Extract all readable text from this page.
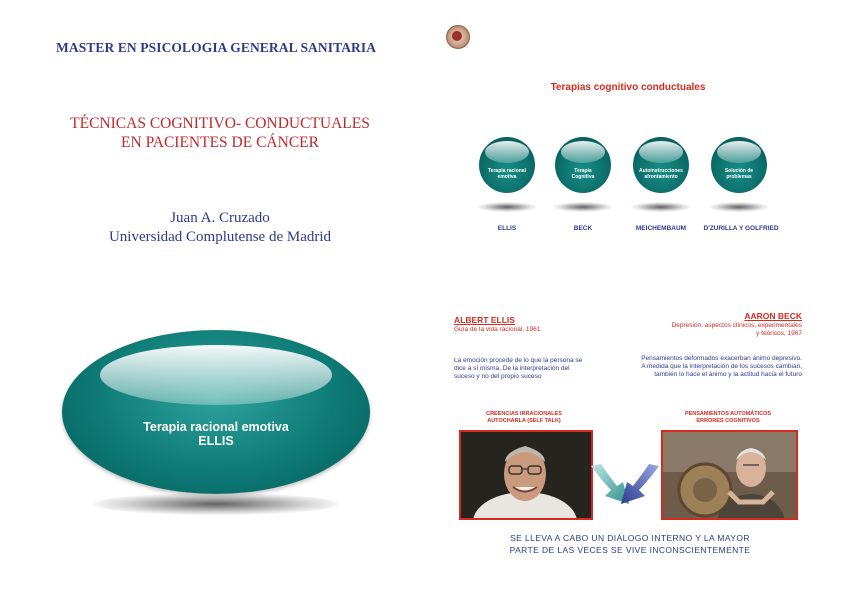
MASTER EN PSICOLOGIA GENERAL SANITARIA
TÉCNICAS COGNITIVO- CONDUCTUALES
EN PACIENTES DE CÁNCER
Juan A. Cruzado
Universidad Complutense de Madrid
Terapia racional emotiva
ELLIS
Terapias cognitivo conductuales
Terapia racional
emotiva
ELLIS
Terapia
Cognitiva
BECK
Autoinstrucciones
afrontamiento
MEICHEMBAUM
Solución de
problemas
D'ZURILLA Y GOLFRIED
ALBERT ELLIS
Guía de la vida racional, 1961
AARON BECK
Depresión: aspectos clínicos, experimentales
y teóricos, 1967
La emoción procede de lo que la persona se dice a sí misma. De la interpretación del suceso y no del propio suceso
Pensamientos deformados exacerban ánimo depresivo. A medida que la interpretación de los sucesos cambian, también lo hace el ánimo y la actitud hacia el futuro
CREENCIAS IRRACIONALES
AUTOCHARLA (SELF TALK)
PENSAMIENTOS AUTOMÁTICOS
ERRORES COGNITIVOS
SE LLEVA A CABO UN DIÁLOGO INTERNO Y LA MAYOR
PARTE DE LAS VECES SE VIVE INCONSCIENTEMENTE
